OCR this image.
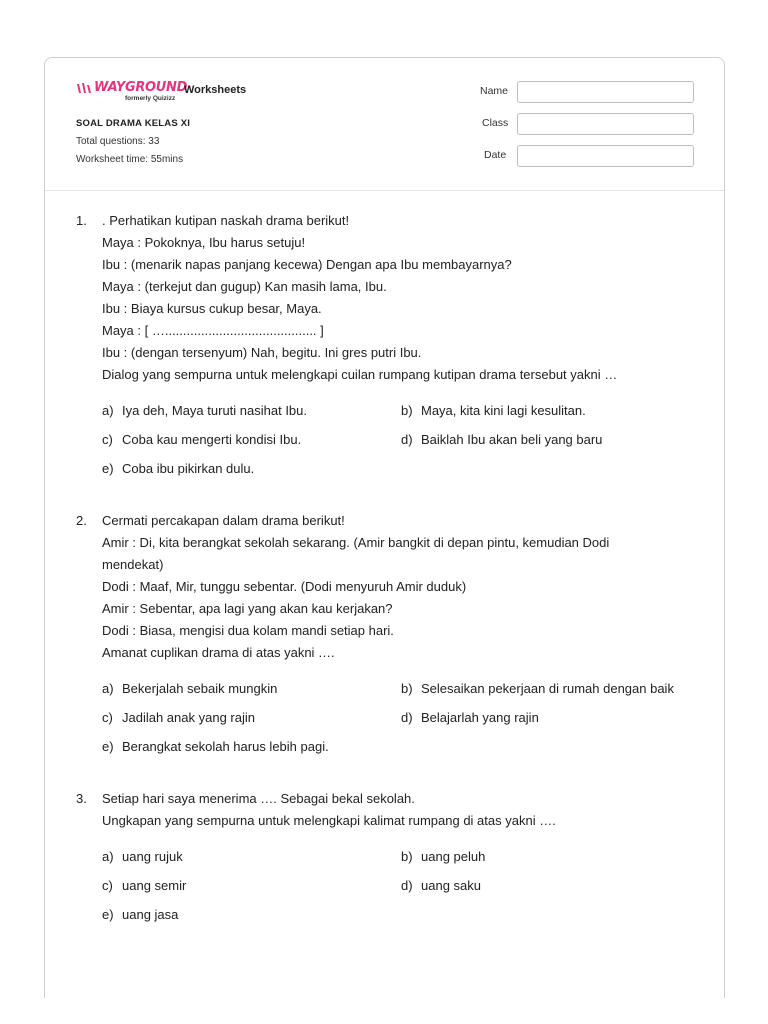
WAYGROUND
formerly Quizizz
Worksheets
SOAL DRAMA KELAS XI
Total questions: 33
Worksheet time: 55mins
Name
Class
Date
1. . Perhatikan kutipan naskah drama berikut!
Maya : Pokoknya, Ibu harus setuju!
Ibu : (menarik napas panjang kecewa) Dengan apa Ibu membayarnya?
Maya : (terkejut dan gugup) Kan masih lama, Ibu.
Ibu : Biaya kursus cukup besar, Maya.
Maya : [ ….......................................... ]
Ibu : (dengan tersenyum) Nah, begitu. Ini gres putri Ibu.
Dialog yang sempurna untuk melengkapi cuilan rumpang kutipan drama tersebut yakni …
a) Iya deh, Maya turuti nasihat Ibu.	b) Maya, kita kini lagi kesulitan.
c) Coba kau mengerti kondisi Ibu.	d) Baiklah Ibu akan beli yang baru
e) Coba ibu pikirkan dulu.
2. Cermati percakapan dalam drama berikut!
Amir : Di, kita berangkat sekolah sekarang. (Amir bangkit di depan pintu, kemudian Dodi
mendekat)
Dodi : Maaf, Mir, tunggu sebentar. (Dodi menyuruh Amir duduk)
Amir : Sebentar, apa lagi yang akan kau kerjakan?
Dodi : Biasa, mengisi dua kolam mandi setiap hari.
Amanat cuplikan drama di atas yakni ….
a) Bekerjalah sebaik mungkin	b) Selesaikan pekerjaan di rumah dengan baik
c) Jadilah anak yang rajin	d) Belajarlah yang rajin
e) Berangkat sekolah harus lebih pagi.
3. Setiap hari saya menerima …. Sebagai bekal sekolah.
Ungkapan yang sempurna untuk melengkapi kalimat rumpang di atas yakni ….
a) uang rujuk	b) uang peluh
c) uang semir	d) uang saku
e) uang jasa
